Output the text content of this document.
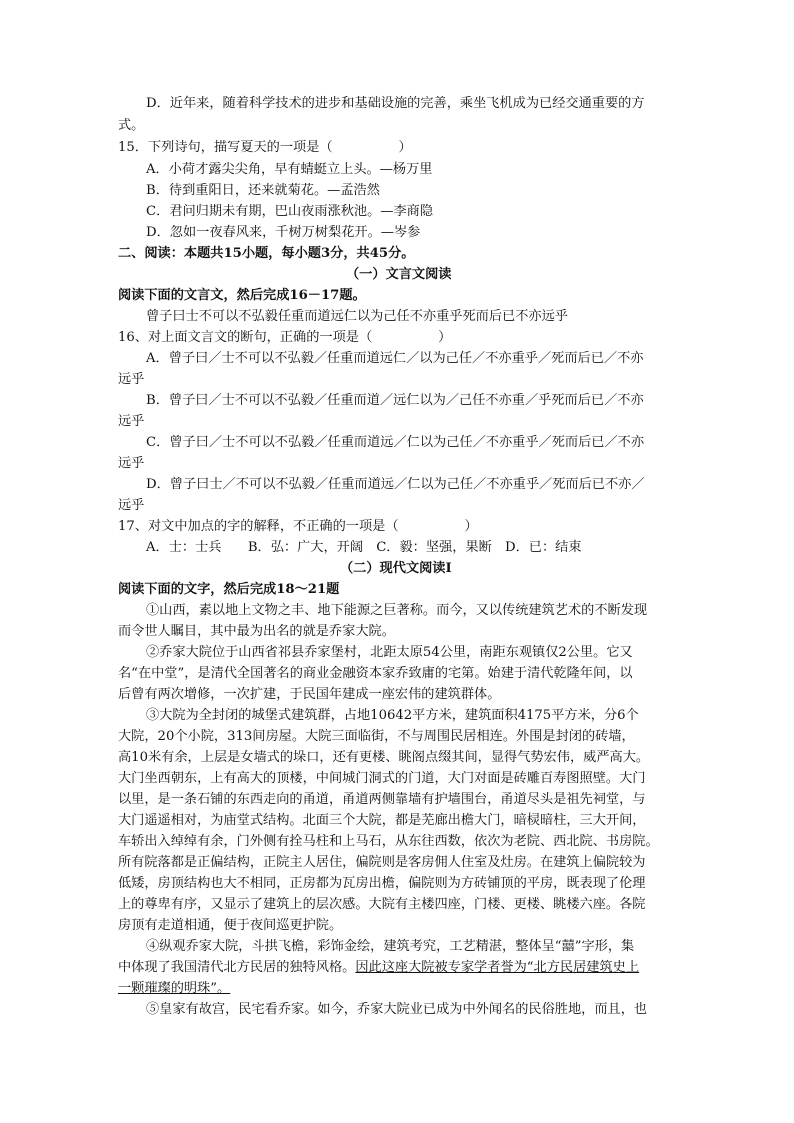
D．近年来，随着科学技术的进步和基础设施的完善，乘坐飞机成为已经交通重要的方
式。
15．下列诗句，描写夏天的一项是（　　　　　）
A．小荷才露尖尖角，早有蜻蜓立上头。—杨万里
B．待到重阳日，还来就菊花。—孟浩然
C．君问归期未有期，巴山夜雨涨秋池。—李商隐
D．忽如一夜春风来，千树万树梨花开。—岑参
二、阅读：本题共15小题，每小题3分，共45分。
（一）文言文阅读
阅读下面的文言文，然后完成16－17题。
曾子曰士不可以不弘毅任重而道远仁以为己任不亦重乎死而后已不亦远乎
16、对上面文言文的断句，正确的一项是（　　　　　）
A．曾子曰／士不可以不弘毅／任重而道远仁／以为己任／不亦重乎／死而后已／不亦
远乎
B．曾子曰／士不可以不弘毅／任重而道／远仁以为／己任不亦重／乎死而后已／不亦
远乎
C．曾子曰／士不可以不弘毅／任重而道远／仁以为己任／不亦重乎／死而后已／不亦
远乎
D．曾子曰士／不可以不弘毅／任重而道远／仁以为己任／不亦重乎／死而后已不亦／
远乎
17、对文中加点的字的解释，不正确的一项是（　　　　　）
A．士：士兵　　B．弘：广大，开阔　C．毅：坚强，果断　D．已：结束
（二）现代文阅读Ⅰ
阅读下面的文字，然后完成18～21题
①山西，素以地上文物之丰、地下能源之巨著称。而今，又以传统建筑艺术的不断发现
而令世人瞩目，其中最为出名的就是乔家大院。
②乔家大院位于山西省祁县乔家堡村，北距太原54公里，南距东观镇仅2公里。它又
名“在中堂”，是清代全国著名的商业金融资本家乔致庸的宅第。始建于清代乾隆年间，以
后曾有两次增修，一次扩建，于民国年建成一座宏伟的建筑群体。
③大院为全封闭的城堡式建筑群，占地10642平方米，建筑面积4175平方米，分6个
大院，20个小院，313间房屋。大院三面临街，不与周围民居相连。外围是封闭的砖墙，
高10米有余，上层是女墙式的垛口，还有更楼、眺阁点缀其间，显得气势宏伟，威严高大。
大门坐西朝东，上有高大的顶楼，中间城门洞式的门道，大门对面是砖雕百寿图照壁。大门
以里，是一条石铺的东西走向的甬道，甬道两侧靠墙有护墙围台，甬道尽头是祖先祠堂，与
大门遥遥相对，为庙堂式结构。北面三个大院，都是芜廊出檐大门，暗棂暗柱，三大开间，
车轿出入绰绰有余，门外侧有拴马柱和上马石，从东往西数，依次为老院、西北院、书房院。
所有院落都是正偏结构，正院主人居住，偏院则是客房佣人住室及灶房。在建筑上偏院较为
低矮，房顶结构也大不相同，正房都为瓦房出檐，偏院则为方砖铺顶的平房，既表现了伦理
上的尊卑有序，又显示了建筑上的层次感。大院有主楼四座，门楼、更楼、眺楼六座。各院
房顶有走道相通，便于夜间巡更护院。
④纵观乔家大院，斗拱飞檐，彩饰金绘，建筑考究，工艺精湛，整体呈“囍”字形，集
中体现了我国清代北方民居的独特风格。因此这座大院被专家学者誉为“北方民居建筑史上
一颗璀璨的明珠”。
⑤皇家有故宫，民宅看乔家。如今，乔家大院业已成为中外闻名的民俗胜地，而且，也
